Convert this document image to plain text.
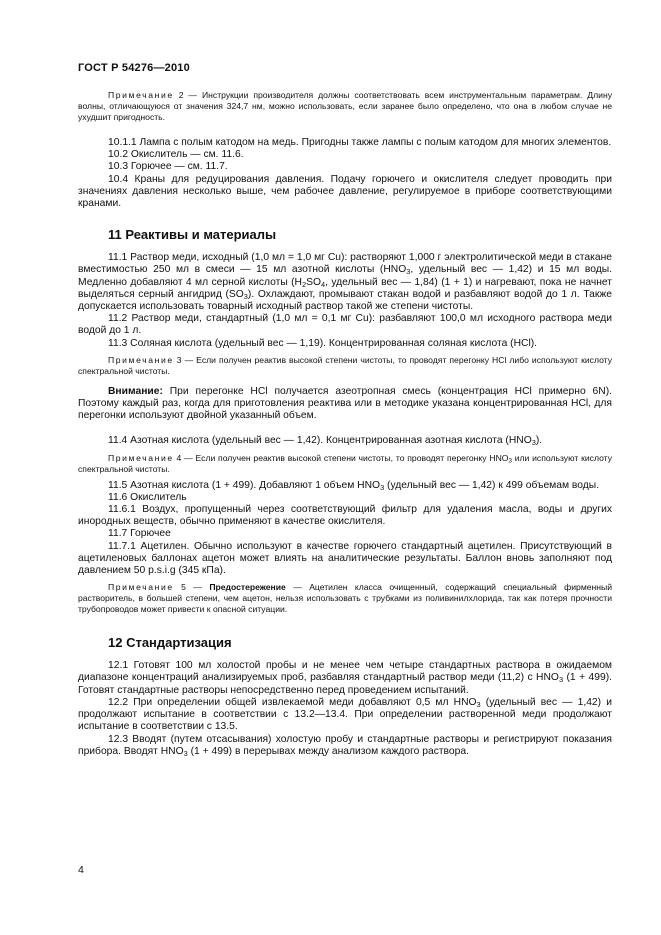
ГОСТ Р 54276—2010

Примечание 2 — Инструкции производителя должны соответствовать всем инструментальным параметрам. Длину волны, отличающуюся от значения 324,7 нм, можно использовать, если заранее было определено, что она в любом случае не ухудшит пригодность.

10.1.1 Лампа с полым катодом на медь. Пригодны также лампы с полым катодом для многих элементов.

10.2 Окислитель — см. 11.6.

10.3 Горючее — см. 11.7.

10.4 Краны для редуцирования давления. Подачу горючего и окислителя следует проводить при значениях давления несколько выше, чем рабочее давление, регулируемое в приборе соответствующими кранами.

11 Реактивы и материалы

11.1 Раствор меди, исходный (1,0 мл = 1,0 мг Cu): растворяют 1,000 г электролитической меди в стакане вместимостью 250 мл в смеси — 15 мл азотной кислоты ($HNO_3$, удельный вес — 1,42) и 15 мл воды. Медленно добавляют 4 мл серной кислоты ($H_2SO_4$, удельный вес — 1,84) (1 + 1) и нагревают, пока не начнет выделяться серный ангидрид $(SO_3)$. Охлаждают, промывают стакан водой и разбавляют водой до 1 л. Также допускается использовать товарный исходный раствор такой же степени чистоты.

11.2 Раствор меди, стандартный (1,0 мл = 0,1 мг Cu): разбавляют 100,0 мл исходного раствора меди водой до 1 л.

11.3 Соляная кислота (удельный вес — 1,19). Концентрированная соляная кислота (HCl).

Примечание 3 — Если получен реактив высокой степени чистоты, то проводят перегонку HCl либо используют кислоту спектральной чистоты.

Внимание: При перегонке HCl получается азеотропная смесь (концентрация HCl примерно 6N). Поэтому каждый раз, когда для приготовления реактива или в методике указана концентрированная HCl, для перегонки используют двойной указанный объем.

11.4 Азотная кислота (удельный вес — 1,42). Концентрированная азотная кислота $(HNO_3)$.

Примечание 4 — Если получен реактив высокой степени чистоты, то проводят перегонку $HNO_3$ или используют кислоту спектральной чистоты.

11.5 Азотная кислота (1 + 499). Добавляют 1 объем $HNO_3$ (удельный вес — 1,42) к 499 объемам воды.

11.6 Окислитель

11.6.1 Воздух, пропущенный через соответствующий фильтр для удаления масла, воды и других инородных веществ, обычно применяют в качестве окислителя.

11.7 Горючее

11.7.1 Ацетилен. Обычно используют в качестве горючего стандартный ацетилен. Присутствующий в ацетиленовых баллонах ацетон может влиять на аналитические результаты. Баллон вновь заполняют под давлением 50 p.s.i.g (345 кПа).

Примечание 5 — Предостережение — Ацетилен класса очищенный, содержащий специальный фирменный растворитель, в большей степени, чем ацетон, нельзя использовать с трубками из поливинилхлорида, так как потеря прочности трубопроводов может привести к опасной ситуации.

12 Стандартизация

12.1 Готовят 100 мл холостой пробы и не менее чем четыре стандартных раствора в ожидаемом диапазоне концентраций анализируемых проб, разбавляя стандартный раствор меди (11,2) с $HNO_3$ (1 + 499). Готовят стандартные растворы непосредственно перед проведением испытаний.

12.2 При определении общей извлекаемой меди добавляют 0,5 мл $HNO_3$ (удельный вес — 1,42) и продолжают испытание в соответствии с 13.2—13.4. При определении растворенной меди продолжают испытание в соответствии с 13.5.

12.3 Вводят (путем отсасывания) холостую пробу и стандартные растворы и регистрируют показания прибора. Вводят $HNO_3$ (1 + 499) в перерывах между анализом каждого раствора.

4
